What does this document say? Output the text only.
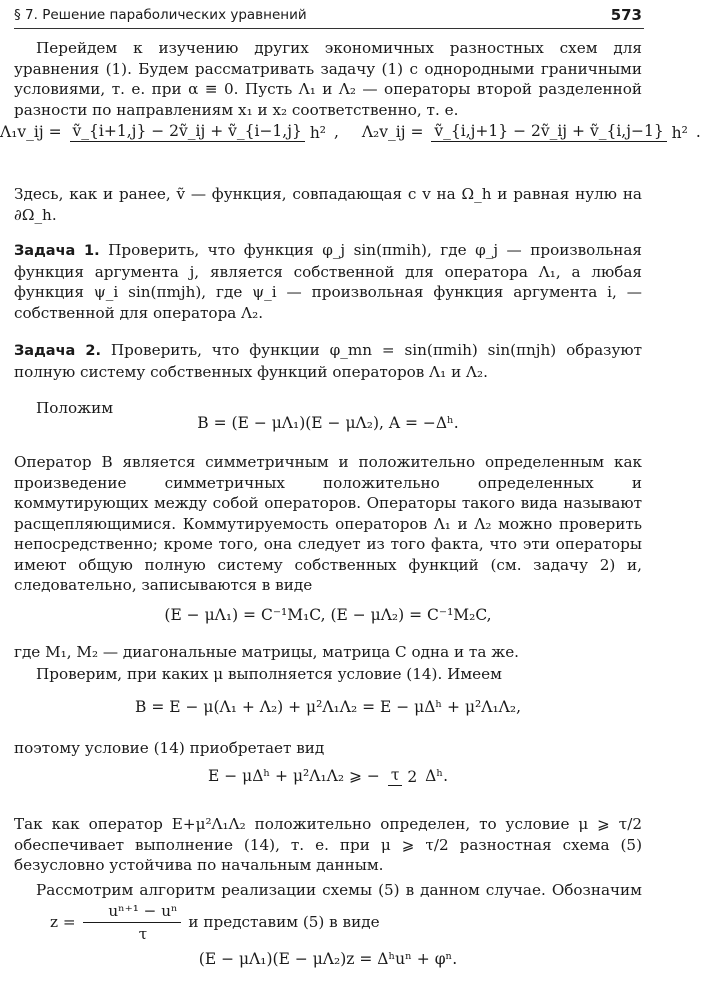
§ 7. Решение параболических уравнений	573
Перейдем к изучению других экономичных разностных схем для уравнения (1). Будем рассматривать задачу (1) с однородными граничными условиями, т. е. при α ≡ 0. Пусть Λ₁ и Λ₂ — операторы второй разделенной разности по направлениям x₁ и x₂ соответственно, т. е.
Λ₁v_ij = ṽ_{i+1,j} − 2ṽ_ij + ṽ_{i−1,j} h² , Λ₂v_ij = ṽ_{i,j+1} − 2ṽ_ij + ṽ_{i,j−1} h² .
Здесь, как и ранее, ṽ — функция, совпадающая с v на Ω_h и равная нулю на ∂Ω_h.
Задача 1. Проверить, что функция φ_j sin(πmih), где φ_j — произвольная функция аргумента j, является собственной для оператора Λ₁, а любая функция ψ_i sin(πmjh), где ψ_i — произвольная функция аргумента i, — собственной для оператора Λ₂.
Задача 2. Проверить, что функции φ_mn = sin(πmih) sin(πnjh) образуют полную систему собственных функций операторов Λ₁ и Λ₂.
Положим
B = (E − μΛ₁)(E − μΛ₂), A = −Δʰ.
Оператор B является симметричным и положительно определенным как произведение симметричных положительно определенных и коммутирующих между собой операторов. Операторы такого вида называют расщепляющимися. Коммутируемость операторов Λ₁ и Λ₂ можно проверить непосредственно; кроме того, она следует из того факта, что эти операторы имеют общую полную систему собственных функций (см. задачу 2) и, следовательно, записываются в виде
(E − μΛ₁) = C⁻¹M₁C, (E − μΛ₂) = C⁻¹M₂C,
где M₁, M₂ — диагональные матрицы, матрица C одна и та же.
Проверим, при каких μ выполняется условие (14). Имеем
B = E − μ(Λ₁ + Λ₂) + μ²Λ₁Λ₂ = E − μΔʰ + μ²Λ₁Λ₂,
поэтому условие (14) приобретает вид
E − μΔʰ + μ²Λ₁Λ₂ ⩾ − τ 2 Δʰ.
Так как оператор E+μ²Λ₁Λ₂ положительно определен, то условие μ ⩾ τ/2 обеспечивает выполнение (14), т. е. при μ ⩾ τ/2 разностная схема (5) безусловно устойчива по начальным данным.
Рассмотрим алгоритм реализации схемы (5) в данном случае. Обозначим $z = \frac{\text{uⁿ⁺¹ − uⁿ}}{\tau}$ и представим (5) в виде
(E − μΛ₁)(E − μΛ₂)z = Δʰuⁿ + φⁿ.
